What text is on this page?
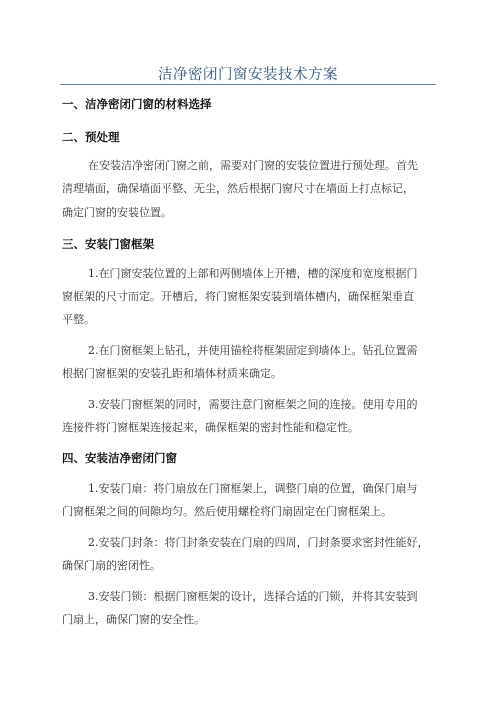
洁净密闭门窗安装技术方案
一、洁净密闭门窗的材料选择
二、预处理
在安装洁净密闭门窗之前，需要对门窗的安装位置进行预处理。首先
清理墙面，确保墙面平整、无尘，然后根据门窗尺寸在墙面上打点标记，
确定门窗的安装位置。
三、安装门窗框架
1.在门窗安装位置的上部和两侧墙体上开槽，槽的深度和宽度根据门
窗框架的尺寸而定。开槽后，将门窗框架安装到墙体槽内，确保框架垂直
平整。
2.在门窗框架上钻孔，并使用锚栓将框架固定到墙体上。钻孔位置需
根据门窗框架的安装孔距和墙体材质来确定。
3.安装门窗框架的同时，需要注意门窗框架之间的连接。使用专用的
连接件将门窗框架连接起来，确保框架的密封性能和稳定性。
四、安装洁净密闭门窗
1.安装门扇：将门扇放在门窗框架上，调整门扇的位置，确保门扇与
门窗框架之间的间隙均匀。然后使用螺栓将门扇固定在门窗框架上。
2.安装门封条：将门封条安装在门扇的四周，门封条要求密封性能好，
确保门扇的密闭性。
3.安装门锁：根据门窗框架的设计，选择合适的门锁，并将其安装到
门扇上，确保门窗的安全性。
